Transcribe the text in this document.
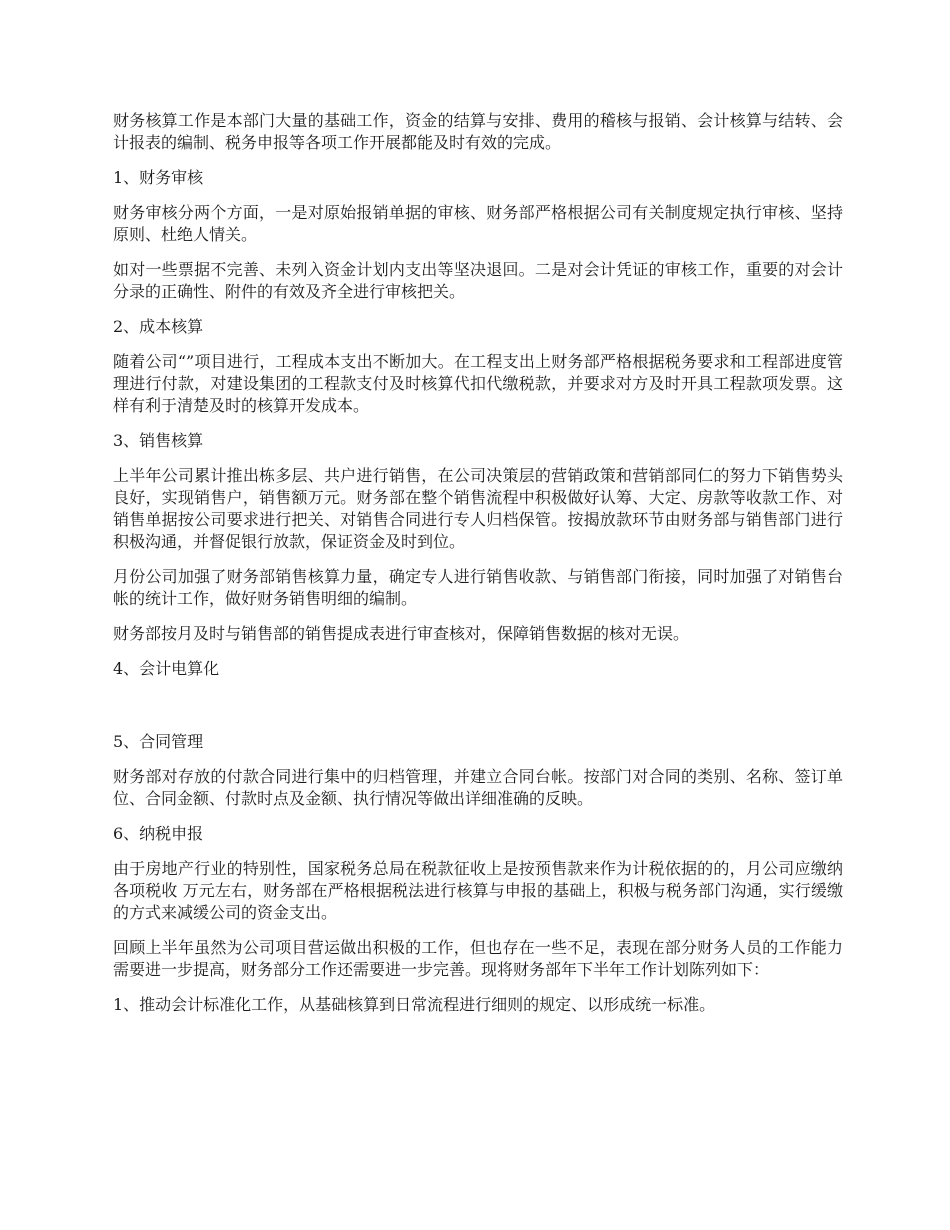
财务核算工作是本部门大量的基础工作，资金的结算与安排、费用的稽核与报销、会计核算与结转、会计报表的编制、税务申报等各项工作开展都能及时有效的完成。

1、财务审核

财务审核分两个方面，一是对原始报销单据的审核、财务部严格根据公司有关制度规定执行审核、坚持原则、杜绝人情关。

如对一些票据不完善、未列入资金计划内支出等坚决退回。二是对会计凭证的审核工作，重要的对会计分录的正确性、附件的有效及齐全进行审核把关。

2、成本核算

随着公司“”项目进行，工程成本支出不断加大。在工程支出上财务部严格根据税务要求和工程部进度管理进行付款，对建设集团的工程款支付及时核算代扣代缴税款，并要求对方及时开具工程款项发票。这样有利于清楚及时的核算开发成本。

3、销售核算

上半年公司累计推出栋多层、共户进行销售，在公司决策层的营销政策和营销部同仁的努力下销售势头良好，实现销售户，销售额万元。财务部在整个销售流程中积极做好认筹、大定、房款等收款工作、对销售单据按公司要求进行把关、对销售合同进行专人归档保管。按揭放款环节由财务部与销售部门进行积极沟通，并督促银行放款，保证资金及时到位。

月份公司加强了财务部销售核算力量，确定专人进行销售收款、与销售部门衔接，同时加强了对销售台帐的统计工作，做好财务销售明细的编制。

财务部按月及时与销售部的销售提成表进行审查核对，保障销售数据的核对无误。

4、会计电算化

5、合同管理

财务部对存放的付款合同进行集中的归档管理，并建立合同台帐。按部门对合同的类别、名称、签订单位、合同金额、付款时点及金额、执行情况等做出详细准确的反映。

6、纳税申报

由于房地产行业的特别性，国家税务总局在税款征收上是按预售款来作为计税依据的的，月公司应缴纳各项税收 万元左右，财务部在严格根据税法进行核算与申报的基础上，积极与税务部门沟通，实行缓缴的方式来减缓公司的资金支出。

回顾上半年虽然为公司项目营运做出积极的工作，但也存在一些不足，表现在部分财务人员的工作能力需要进一步提高，财务部分工作还需要进一步完善。现将财务部年下半年工作计划陈列如下：

1、推动会计标准化工作，从基础核算到日常流程进行细则的规定、以形成统一标准。
